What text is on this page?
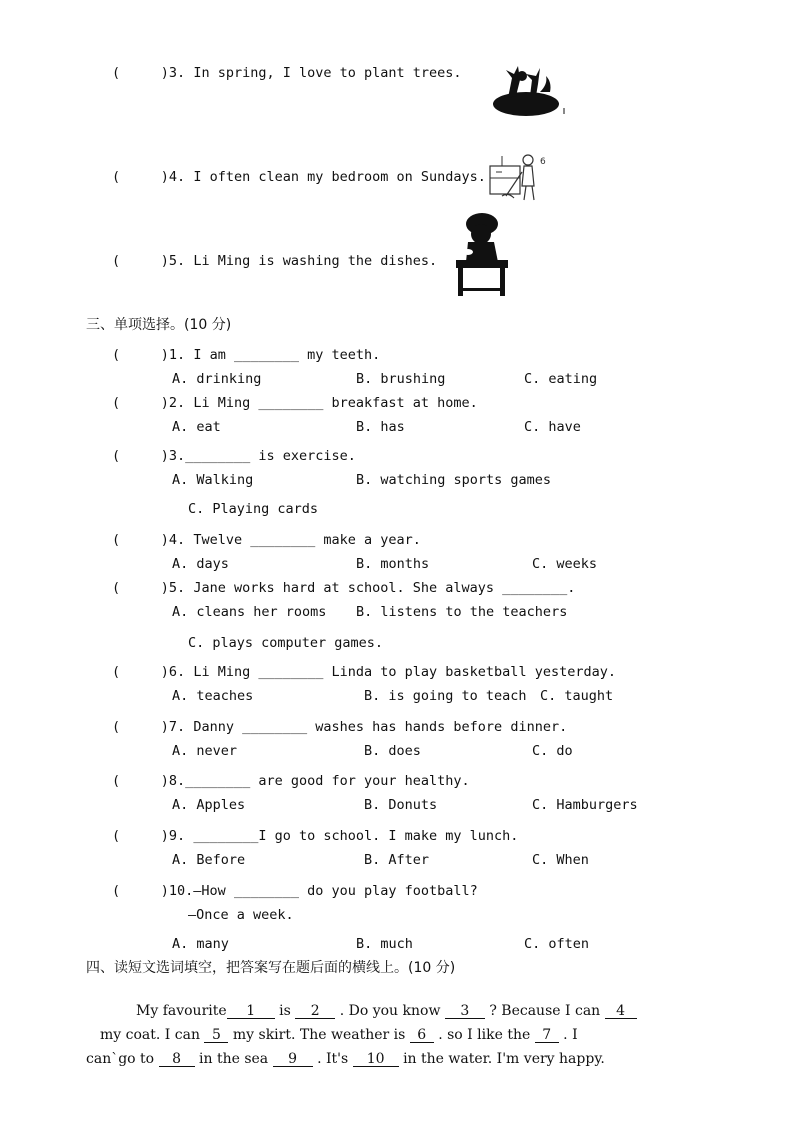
(	)3. In spring, I love to plant trees.
(	)4. I often clean my bedroom on Sundays.
6
(	)5. Li Ming is washing the dishes.
三、单项选择。(10 分)
(	)1. I am ________ my teeth.
A. drinking	B. brushing	C. eating
(	)2. Li Ming ________ breakfast at home.
A. eat	B. has	C. have
(	)3.________ is exercise.
A. Walking	B. watching sports games
C. Playing cards
(	)4. Twelve ________ make a year.
A. days	B. months	C. weeks
(	)5. Jane works hard at school. She always ________.
A. cleans her rooms B. listens to the teachers
C. plays computer games.
(	)6. Li Ming ________ Linda to play basketball yesterday.
A. teaches	B. is going to teach C. taught
(	)7. Danny ________ washes has hands before dinner.
A. never	B. does	C. do
(	)8.________ are good for your healthy.
A. Apples	B. Donuts	C. Hamburgers
(	)9. ________I go to school. I make my lunch.
A. Before	B. After	C. When
(	)10.—How ________ do you play football?
—Once a week.
A. many	B. much	C. often
四、读短文选词填空，把答案写在题后面的横线上。(10 分)

My favourite 1 is 2 . Do you know 3 ? Because I can 4

my coat. I can 5 my skirt. The weather is 6 . so I like the 7 . I

can`go to 8 in the sea 9 . It's 10 in the water. I'm very happy.
